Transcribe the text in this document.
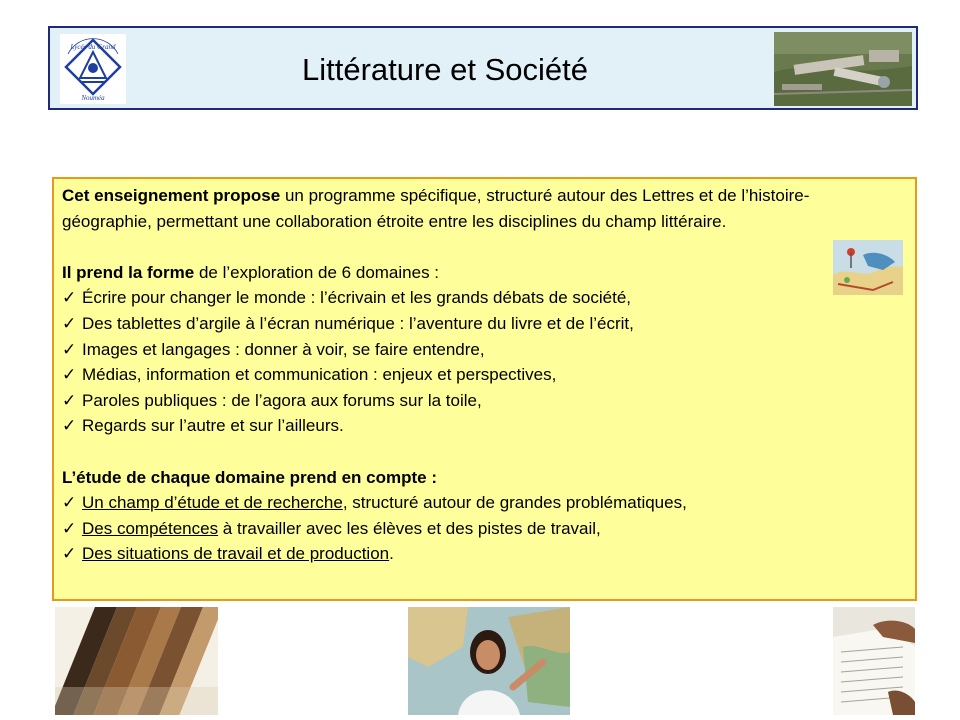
Lycée du Grand
Nouméa
Littérature et Société

Cet enseignement propose un programme spécifique, structuré autour des Lettres et de l’histoire-géographie, permettant une collaboration étroite entre les disciplines du champ littéraire.

Il prend la forme de l’exploration de 6 domaines :

✓ Écrire pour changer le monde : l’écrivain et les grands débats de société,

✓ Des tablettes d’argile à l’écran numérique : l’aventure du livre et de l’écrit,

✓ Images et langages : donner à voir, se faire entendre,

✓ Médias, information et communication : enjeux et perspectives,

✓ Paroles publiques : de l’agora aux forums sur la toile,

✓ Regards sur l’autre et sur l’ailleurs.

L’étude de chaque domaine prend en compte :

✓ Un champ d’étude et de recherche, structuré autour de grandes problématiques,

✓ Des compétences à travailler avec les élèves et des pistes de travail,

✓ Des situations de travail et de production.
